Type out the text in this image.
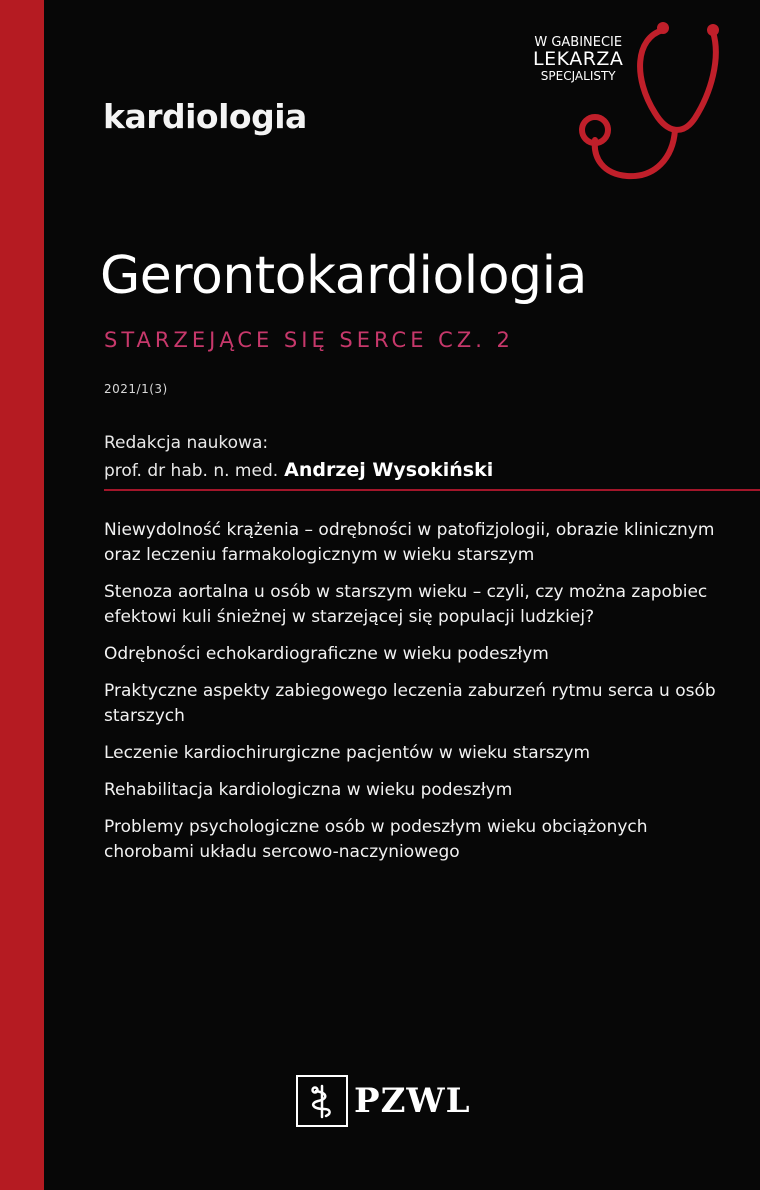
kardiologia
W GABINECIE
LEKARZA
SPECJALISTY
Gerontokardiologia
STARZEJĄCE SIĘ SERCE CZ. 2
2021/1(3)
Redakcja naukowa:
prof. dr hab. n. med. Andrzej Wysokiński
Niewydolność krążenia – odrębności w patofizjologii, obrazie klinicznym oraz leczeniu farmakologicznym w wieku starszym
Stenoza aortalna u osób w starszym wieku – czyli, czy można zapobiec efektowi kuli śnieżnej w starzejącej się populacji ludzkiej?
Odrębności echokardiograficzne w wieku podeszłym
Praktyczne aspekty zabiegowego leczenia zaburzeń rytmu serca u osób starszych
Leczenie kardiochirurgiczne pacjentów w wieku starszym
Rehabilitacja kardiologiczna w wieku podeszłym
Problemy psychologiczne osób w podeszłym wieku obciążonych chorobami układu sercowo-naczyniowego
PZWL
